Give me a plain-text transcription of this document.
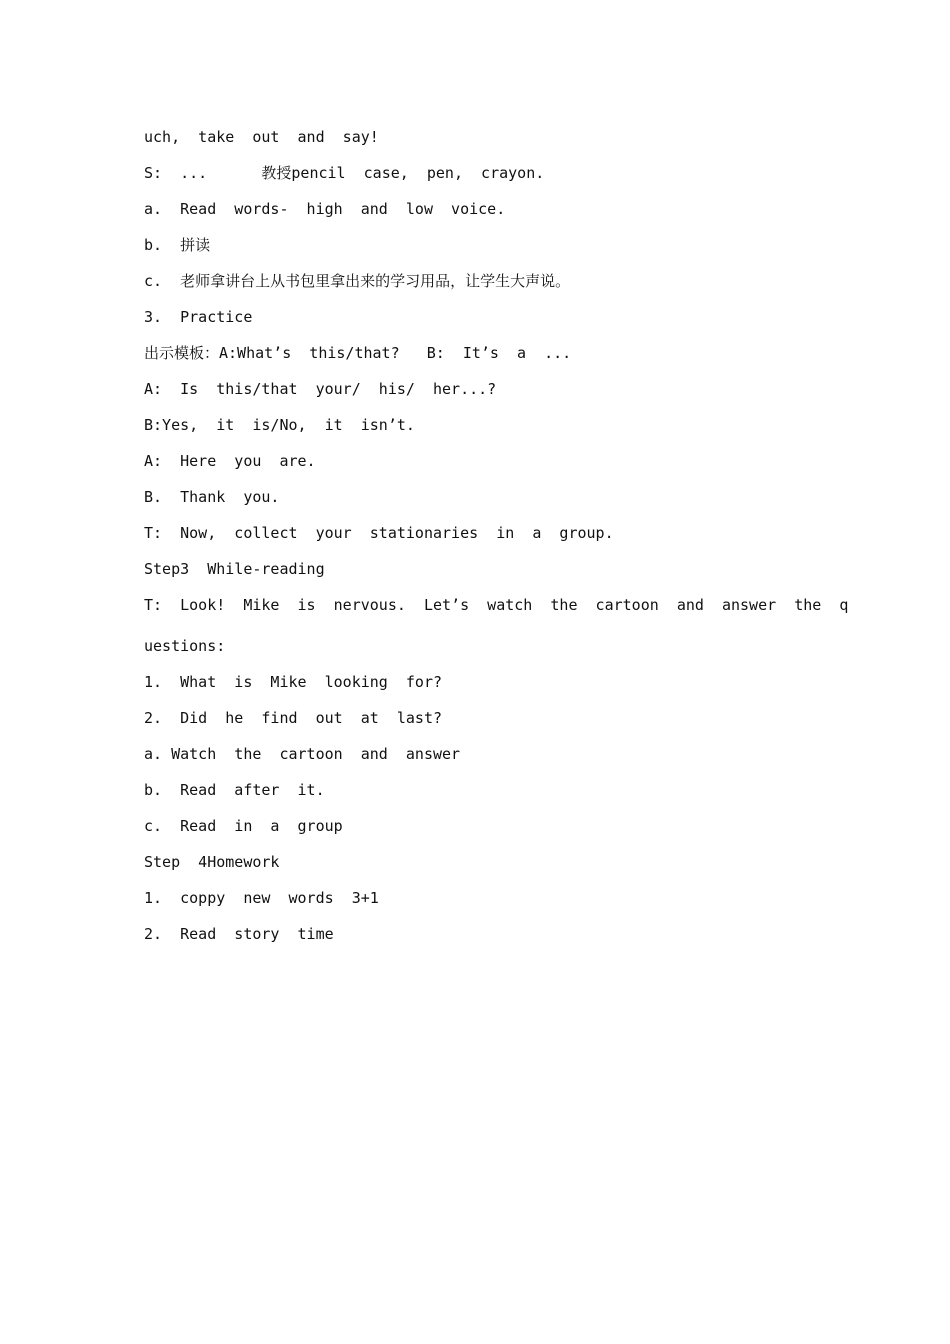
uch,  take  out  and  say!
S:  ...      教授pencil  case,  pen,  crayon.
a.  Read  words-  high  and  low  voice.
b.  拼读
c.  老师拿讲台上从书包里拿出来的学习用品，让学生大声说。
3.  Practice
出示模板：A:What’s  this/that?   B:  It’s  a  ...
A:  Is  this/that  your/  his/  her...?
B:Yes,  it  is/No,  it  isn’t.
A:  Here  you  are.
B.  Thank  you.
T:  Now,  collect  your  stationaries  in  a  group.
Step3  While-reading
T:  Look!  Mike  is  nervous.  Let’s  watch  the  cartoon  and  answer  the  q
uestions:
1.  What  is  Mike  looking  for?
2.  Did  he  find  out  at  last?
a. Watch  the  cartoon  and  answer
b.  Read  after  it.
c.  Read  in  a  group
Step  4Homework
1.  coppy  new  words  3+1
2.  Read  story  time
